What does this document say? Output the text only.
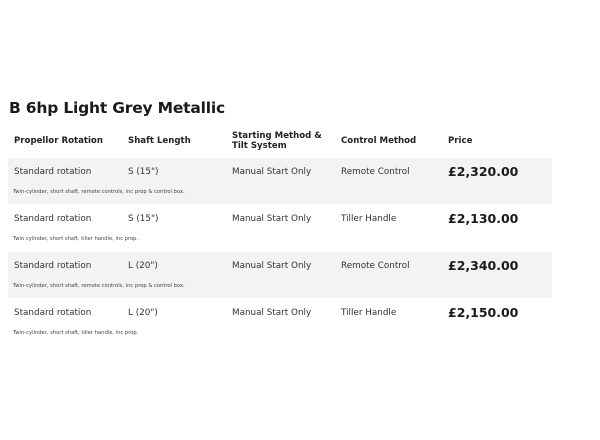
B 6hp Light Grey Metallic
Propellor Rotation	Shaft Length	Starting Method & Tilt System	Control Method	Price
Standard rotation	S (15")	Manual Start Only	Remote Control	£2,320.00
Twin-cylinder, short shaft, remote controls, inc prop & control box.
Standard rotation	S (15")	Manual Start Only	Tiller Handle	£2,130.00
Twin cylinder, short shaft, tiller handle, inc prop.
Standard rotation	L (20")	Manual Start Only	Remote Control	£2,340.00
Twin-cylinder, short shaft, remote controls, inc prop & control box.
Standard rotation	L (20")	Manual Start Only	Tiller Handle	£2,150.00
Twin-cylinder, short shaft, tiller handle, inc prop.
